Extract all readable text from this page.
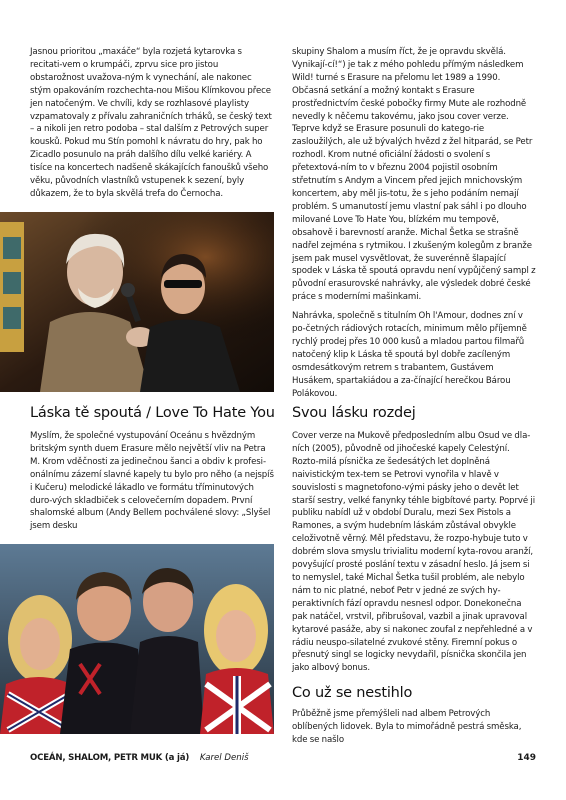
Jasnou prioritou „maxáče“ byla rozjetá kytarovka s recitati-vem o krumpáči, zprvu sice pro jistou obstarožnost uvažova-ným k vynechání, ale nakonec stým opakováním rozchechta-nou Mišou Klímkovou přece jen natočeným. Ve chvíli, kdy se rozhlasové playlisty vzpamatovaly z přívalu zahraničních trháků, se český text – a nikoli jen retro podoba – stal dalším z Petrových super kousků. Pokud mu Stín pomohl k návratu do hry, pak ho Zicadlo posunulo na práh dalšího dílu velké kariéry. A tisíce na koncertech nadšeně skákajících fanoušků všeho věku, původních vlastníků vstupenek k sezení, byly důkazem, že to byla skvělá trefa do Černocha.

Láska tě spoutá / Love To Hate You

Myslím, že společné vystupování Oceánu s hvězdným britským synth duem Erasure mělo největší vliv na Petra M. Krom vděčnosti za jedinečnou šanci a obdiv k profesi-onálnímu zázemí slavné kapely tu bylo pro něho (a nejspíš i Kučeru) melodické lákadlo ve formátu tříminutových duro-vých skladbiček s celovečerním dopadem. První shalomské album (Andy Bellem pochválené slovy: „Slyšel jsem desku

skupiny Shalom a musím říct, že je opravdu skvělá. Vynikají-cí!“) je tak z mého pohledu přímým následkem Wild! turné s Erasure na přelomu let 1989 a 1990. Občasná setkání a možný kontakt s Erasure prostřednictvím české pobočky firmy Mute ale rozhodně nevedly k něčemu takovému, jako jsou cover verze. Teprve když se Erasure posunuli do katego-rie zasloužilých, ale už bývalých hvězd z žel hitparád, se Petr rozhodl. Krom nutné oficiální žádosti o svolení s přetextová-ním to v březnu 2004 pojistil osobním střetnutím s Andym a Vincem před jejich mnichovským koncertem, aby měl jis-totu, že s jeho podáním nemají problém. S umanutostí jemu vlastní pak sáhl i po dlouho milované Love To Hate You, blízkém mu tempově, obsahově i barevností aranže. Michal Šetka se strašně nadřel zejména s rytmikou. I zkušeným kolegům z branže jsem pak musel vysvětlovat, že suverénně šlapající spodek v Láska tě spoutá opravdu není vypůjčený sampl z původní erasurovské nahrávky, ale výsledek dobré české práce s moderními mašinkami.

Nahrávka, společně s titulním Oh l'Amour, dodnes zní v po-četných rádiových rotacích, minimum mělo příjemně rychlý prodej přes 10 000 kusů a mladou partou filmařů natočený klip k Láska tě spoutá byl dobře zacíleným osmdesátkovým retrem s trabantem, Gustávem Husákem, spartakiádou a za-čínající herečkou Bárou Polákovou.

Svou lásku rozdej

Cover verze na Mukově předposledním albu Osud ve dla-ních (2005), původně od jihočeské kapely Celestýní. Rozto-milá písnička ze šedesátých let doplněná naivistickým tex-tem se Petrovi vynořila v hlavě v souvislosti s magnetofono-vými pásky jeho o devět let starší sestry, velké fanynky téhle bigbítové party. Poprvé ji publiku nabídl už v období Duralu, mezi Sex Pistols a Ramones, a svým hudebním láskám zůstával obvykle celoživotně věrný. Měl představu, že rozpo-hybuje tuto v dobrém slova smyslu trivialitu moderní kyta-rovou aranží, povyšující prosté poslání textu v zásadní heslo. Já jsem si to nemyslel, také Michal Šetka tušil problém, ale nebylo nám to nic platné, neboť Petr v jedné ze svých hy-peraktivních fází opravdu nesnesl odpor. Donekonečna pak natáčel, vrstvil, přibrušoval, vazbil a jinak upravoval kytarové pasáže, aby si nakonec zoufal z nepřehledné a v rádiu neuspo-silatelné zvukové stěny. Firemní pokus o přesnutý singl se logicky nevydařil, písnička skončila jen jako albový bonus.

Co už se nestihlo

Průběžně jsme přemýšleli nad albem Petrových oblíbených lidovek. Byla to mimořádně pestrá směska, kde se našlo

OCEÁN, SHALOM, PETR MUK (a já) Karel Deniš	149
